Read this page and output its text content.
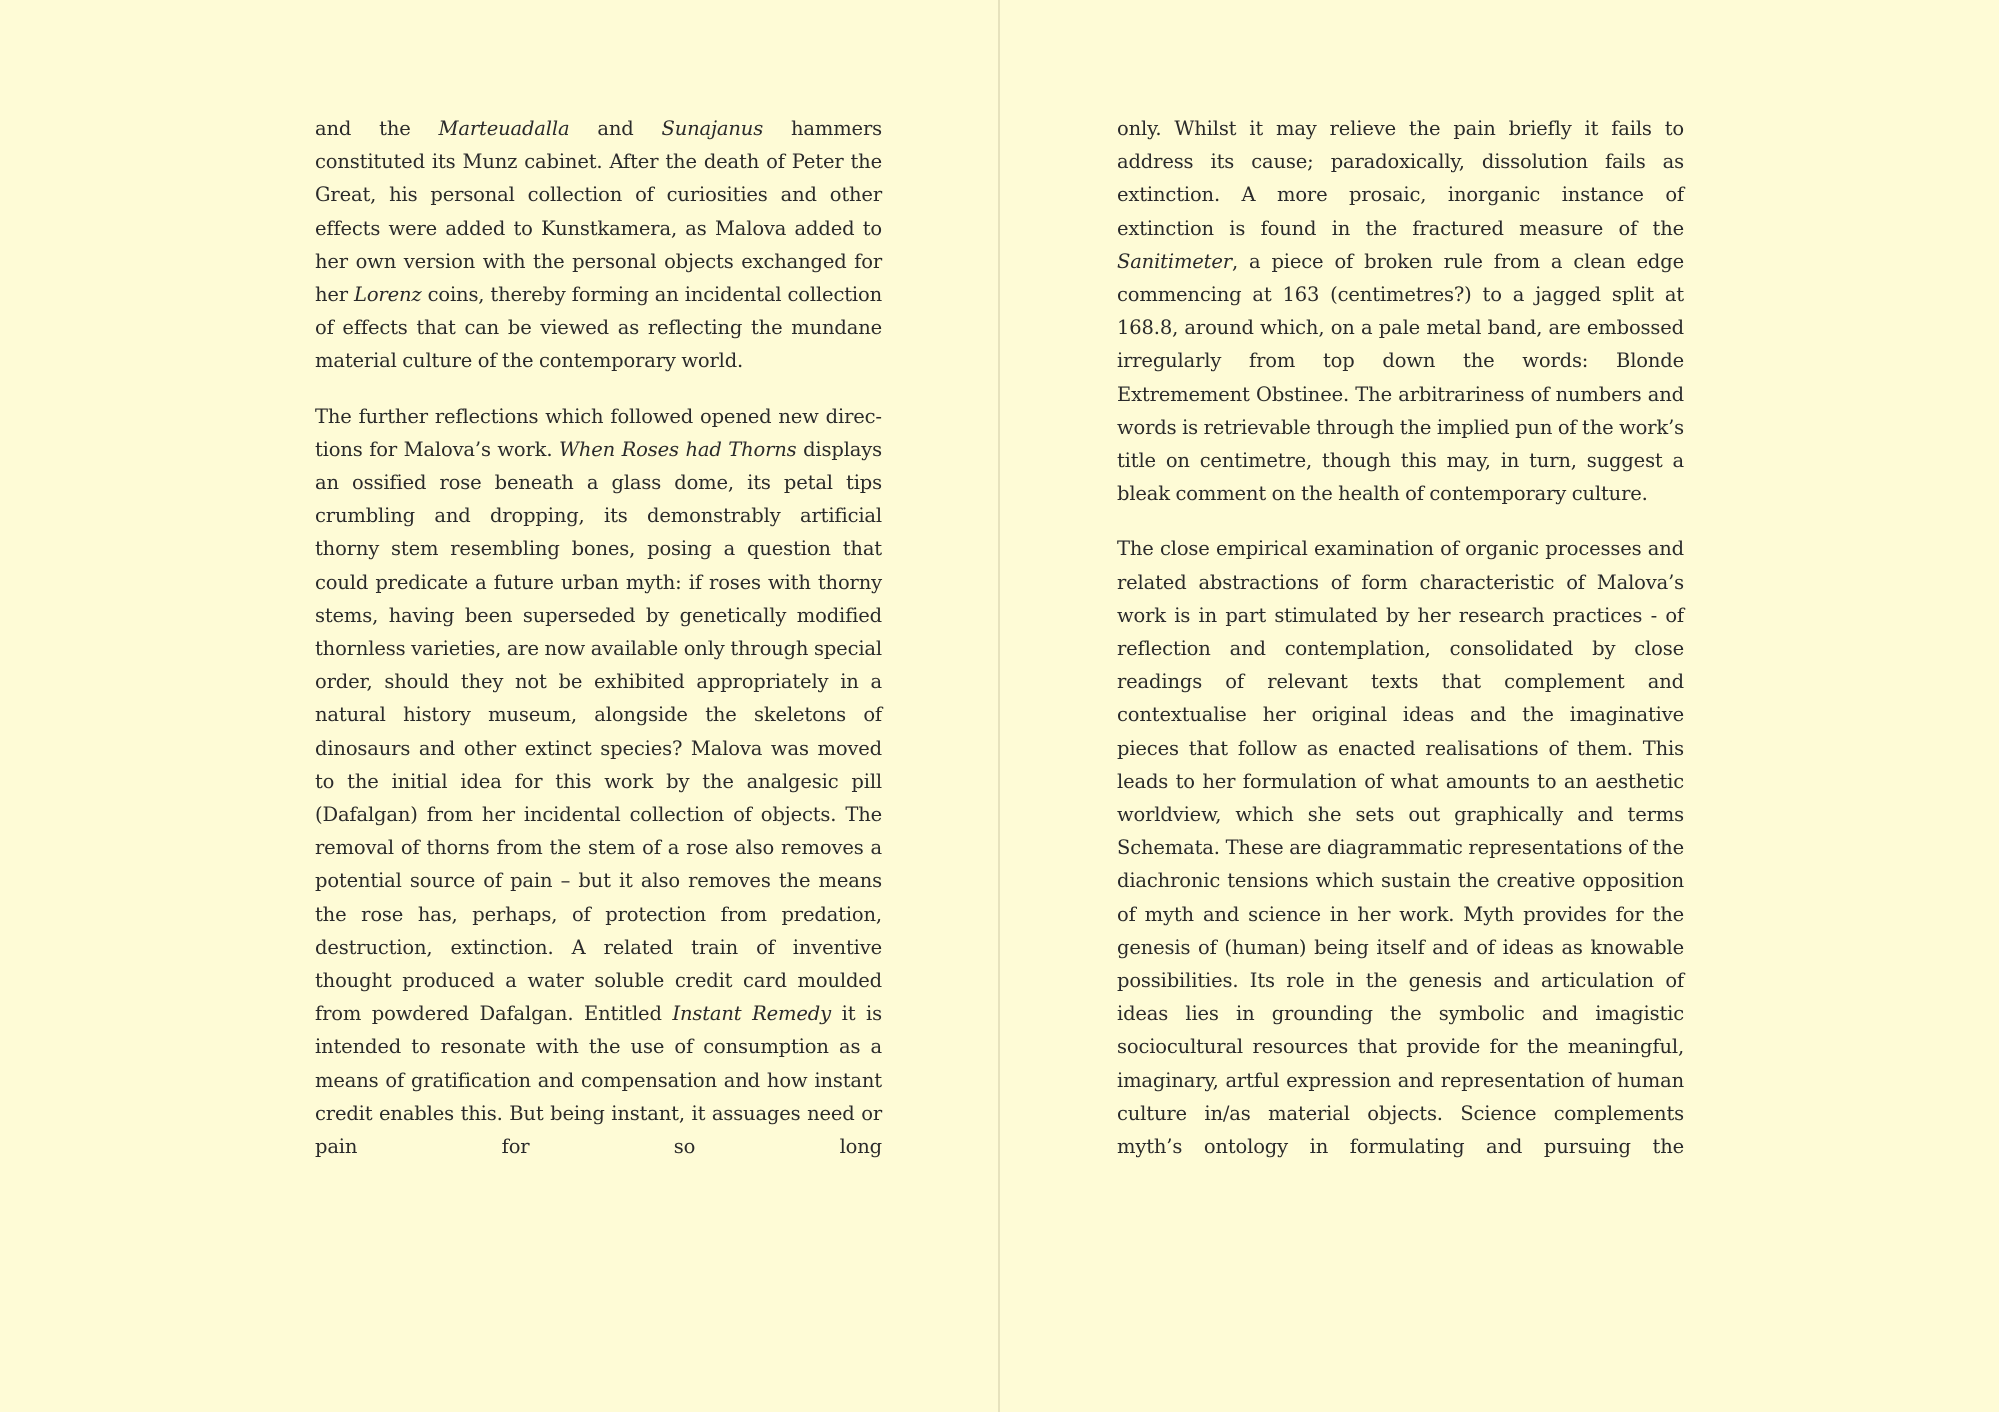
and the Marteuadalla and Sunajanus hammers constituted its Munz cabinet. After the death of Peter the Great, his personal collection of curiosities and other effects were added to Kunstkamera, as Malova added to her own version with the personal objects exchanged for her Lorenz coins, thereby forming an incidental collection of effects that can be viewed as reflecting the mundane material culture of the contemporary world.

The further reflections which followed opened new directions for Malova’s work. When Roses had Thorns displays an ossified rose beneath a glass dome, its petal tips crumbling and dropping, its demonstrably artificial thorny stem resembling bones, posing a question that could predicate a future urban myth: if roses with thorny stems, having been superseded by genetically modified thornless varieties, are now available only through special order, should they not be exhibited appropriately in a natural history museum, alongside the skeletons of dinosaurs and other extinct species? Malova was moved to the initial idea for this work by the analgesic pill (Dafalgan) from her incidental collection of objects. The removal of thorns from the stem of a rose also removes a potential source of pain – but it also removes the means the rose has, perhaps, of protection from predation, destruction, extinction. A related train of inventive thought produced a water soluble credit card moulded from powdered Dafalgan. Entitled Instant Remedy it is intended to resonate with the use of consumption as a means of gratification and compensation and how instant credit enables this. But being instant, it assuages need or pain for so long

only. Whilst it may relieve the pain briefly it fails to address its cause; paradoxically, dissolution fails as extinction. A more prosaic, inorganic instance of extinction is found in the fractured measure of the Sanitimeter, a piece of broken rule from a clean edge commencing at 163 (centimetres?) to a jagged split at 168.8, around which, on a pale metal band, are embossed irregularly from top down the words: Blonde Extremement Obstinee. The arbitrariness of numbers and words is retrievable through the implied pun of the work’s title on centimetre, though this may, in turn, suggest a bleak comment on the health of contemporary culture.

The close empirical examination of organic processes and related abstractions of form characteristic of Malova’s work is in part stimulated by her research practices - of reflection and contemplation, consolidated by close readings of relevant texts that complement and contextualise her original ideas and the imaginative pieces that follow as enacted realisations of them. This leads to her formulation of what amounts to an aesthetic worldview, which she sets out graphically and terms Schemata. These are diagrammatic representations of the diachronic tensions which sustain the creative opposition of myth and science in her work. Myth provides for the genesis of (human) being itself and of ideas as knowable possibilities. Its role in the genesis and articulation of ideas lies in grounding the symbolic and imagistic sociocultural resources that provide for the meaningful, imaginary, artful expression and representation of human culture in/as material objects. Science complements myth’s ontology in formulating and pursuing the
